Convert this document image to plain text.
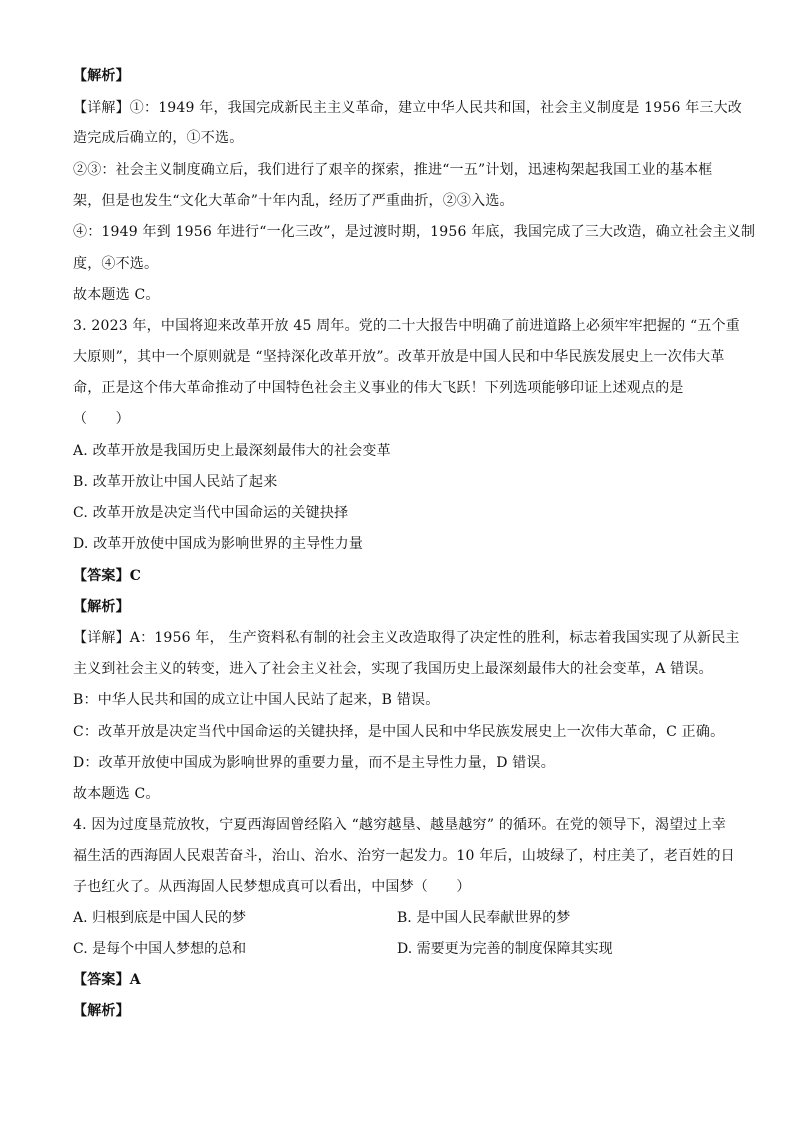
【解析】
【详解】①：1949 年，我国完成新民主主义革命，建立中华人民共和国，社会主义制度是 1956 年三大改
造完成后确立的，①不选。
②③：社会主义制度确立后，我们进行了艰辛的探索，推进“一五”计划，迅速构架起我国工业的基本框
架，但是也发生“文化大革命”十年内乱，经历了严重曲折，②③入选。
④：1949 年到 1956 年进行“一化三改”，是过渡时期，1956 年底，我国完成了三大改造，确立社会主义制
度，④不选。
故本题选 C。
3. 2023 年，中国将迎来改革开放 45 周年。党的二十大报告中明确了前进道路上必须牢牢把握的 “五个重
大原则”，其中一个原则就是 “坚持深化改革开放”。改革开放是中国人民和中华民族发展史上一次伟大革
命，正是这个伟大革命推动了中国特色社会主义事业的伟大飞跃！下列选项能够印证上述观点的是
（　　）
A. 改革开放是我国历史上最深刻最伟大的社会变革
B. 改革开放让中国人民站了起来
C. 改革开放是决定当代中国命运的关键抉择
D. 改革开放使中国成为影响世界的主导性力量
【答案】C
【解析】
【详解】A：1956 年， 生产资料私有制的社会主义改造取得了决定性的胜利，标志着我国实现了从新民主
主义到社会主义的转变，进入了社会主义社会，实现了我国历史上最深刻最伟大的社会变革，A 错误。
B：中华人民共和国的成立让中国人民站了起来，B 错误。
C：改革开放是决定当代中国命运的关键抉择，是中国人民和中华民族发展史上一次伟大革命，C 正确。
D：改革开放使中国成为影响世界的重要力量，而不是主导性力量，D 错误。
故本题选 C。
4. 因为过度垦荒放牧，宁夏西海固曾经陷入 “越穷越垦、越垦越穷” 的循环。在党的领导下，渴望过上幸
福生活的西海固人民艰苦奋斗，治山、治水、治穷一起发力。10 年后，山坡绿了，村庄美了，老百姓的日
子也红火了。从西海固人民梦想成真可以看出，中国梦（　　）
A. 归根到底是中国人民的梦	B. 是中国人民奉献世界的梦
C. 是每个中国人梦想的总和	D. 需要更为完善的制度保障其实现
【答案】A
【解析】
